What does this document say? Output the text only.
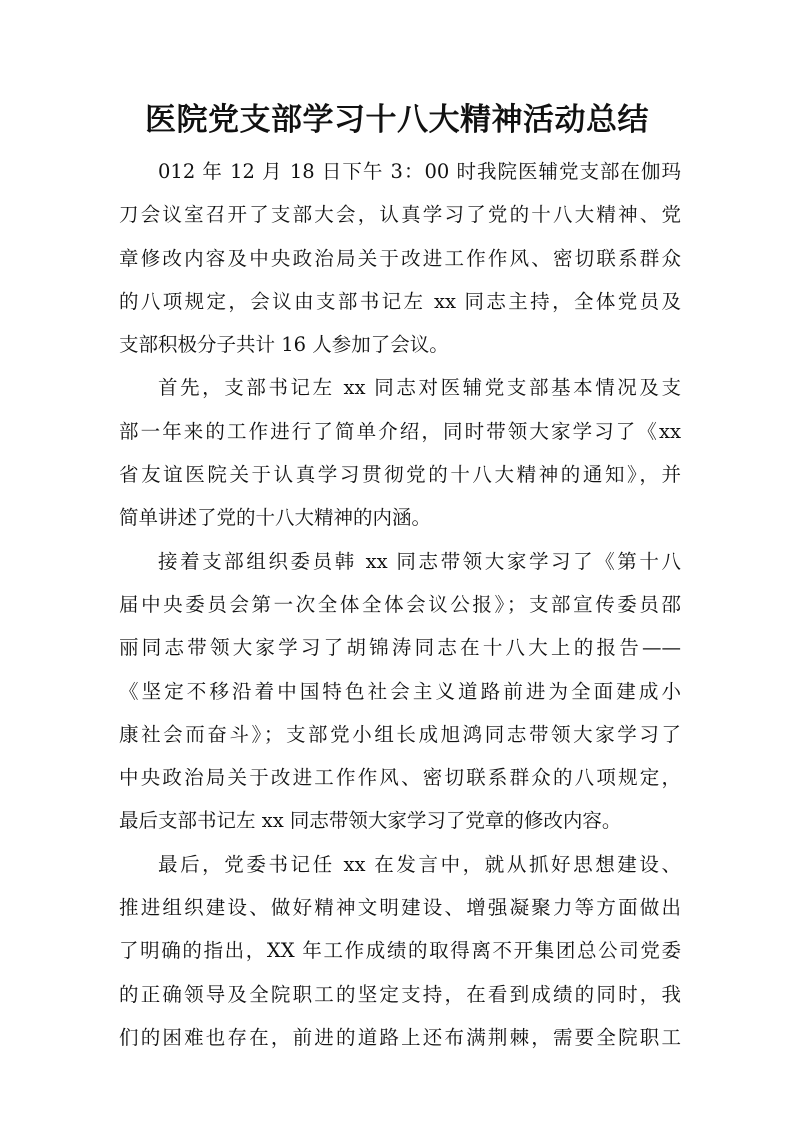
医院党支部学习十八大精神活动总结
012 年 12 月 18 日下午 3：00 时我院医辅党支部在伽玛
刀会议室召开了支部大会，认真学习了党的十八大精神、党
章修改内容及中央政治局关于改进工作作风、密切联系群众
的八项规定，会议由支部书记左 xx 同志主持，全体党员及
支部积极分子共计 16 人参加了会议。
首先，支部书记左 xx 同志对医辅党支部基本情况及支
部一年来的工作进行了简单介绍，同时带领大家学习了《xx
省友谊医院关于认真学习贯彻党的十八大精神的通知》，并
简单讲述了党的十八大精神的内涵。
接着支部组织委员韩 xx 同志带领大家学习了《第十八
届中央委员会第一次全体全体会议公报》；支部宣传委员邵
丽同志带领大家学习了胡锦涛同志在十八大上的报告——
《坚定不移沿着中国特色社会主义道路前进为全面建成小
康社会而奋斗》；支部党小组长成旭鸿同志带领大家学习了
中央政治局关于改进工作作风、密切联系群众的八项规定，
最后支部书记左 xx 同志带领大家学习了党章的修改内容。
最后，党委书记任 xx 在发言中，就从抓好思想建设、
推进组织建设、做好精神文明建设、增强凝聚力等方面做出
了明确的指出，XX 年工作成绩的取得离不开集团总公司党委
的正确领导及全院职工的坚定支持，在看到成绩的同时，我
们的困难也存在，前进的道路上还布满荆棘，需要全院职工
